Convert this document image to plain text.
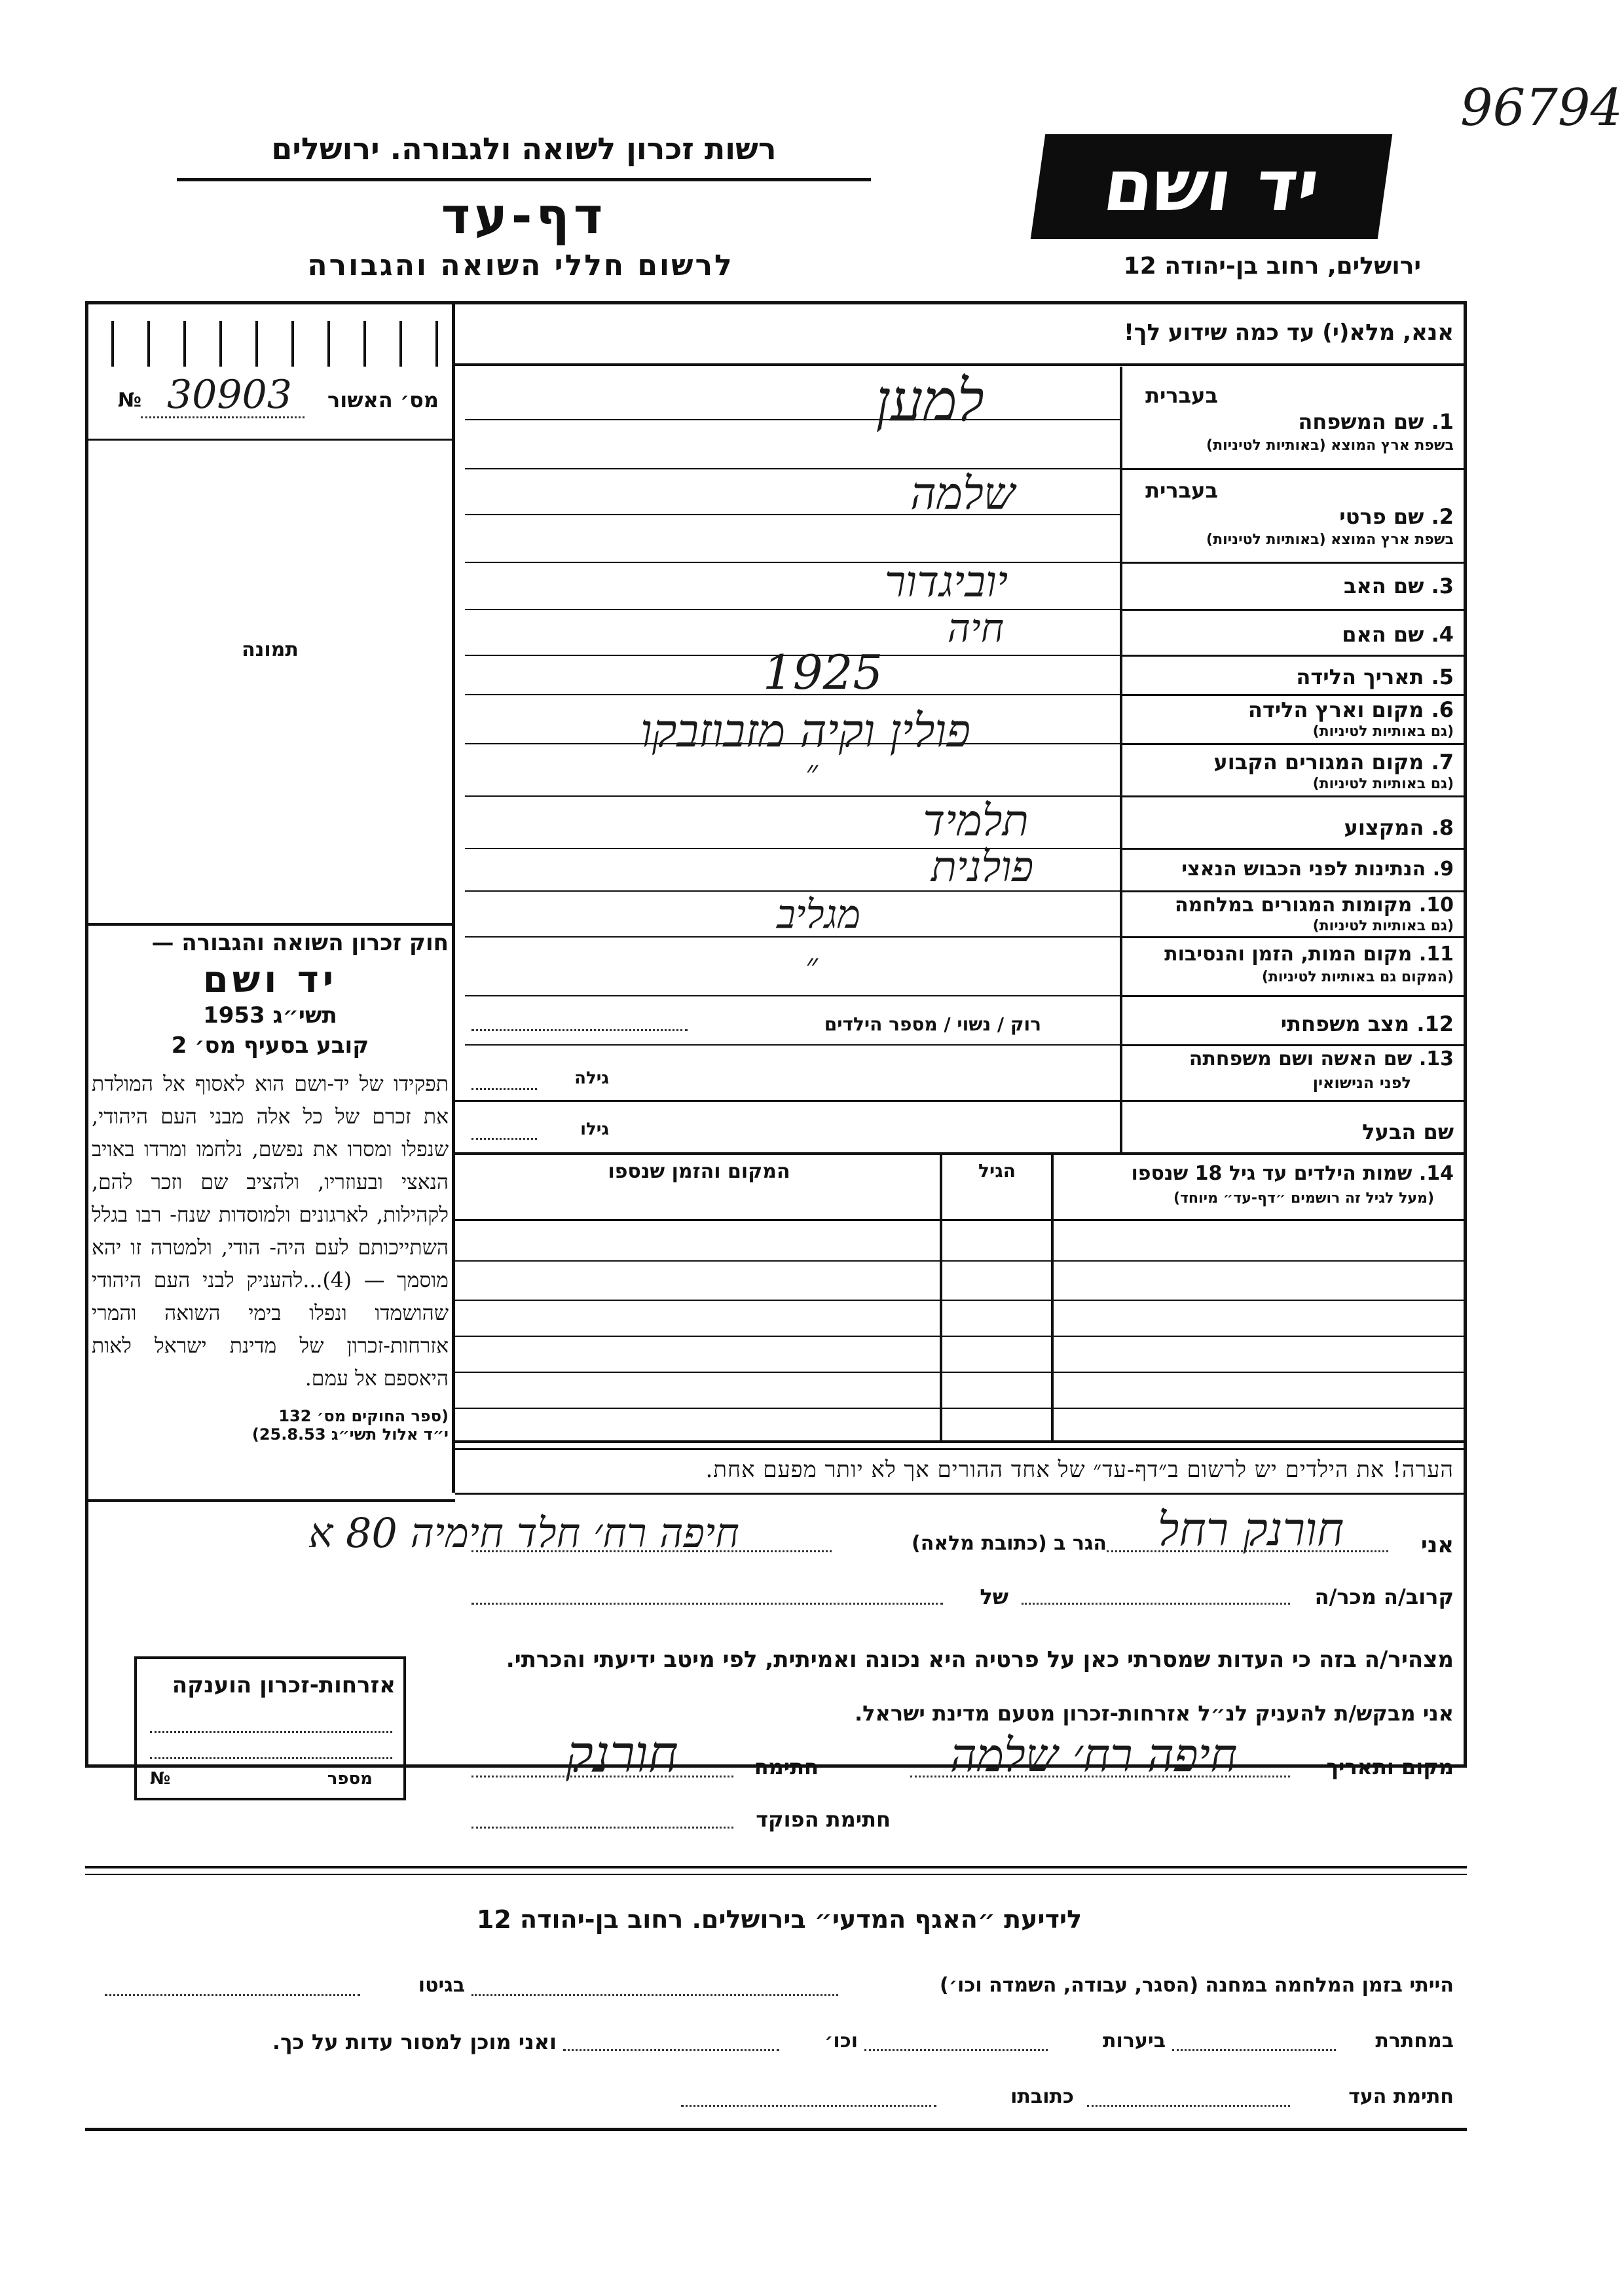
96794
רשות זכרון לשואה ולגבורה. ירושלים
דף-עד
לרשום חללי השואה והגבורה
יד ושם
ירושלים, רחוב בן-יהודה 12
מס׳ האשור
№ 30903
תמונה
חוק זכרון השואה והגבורה —
יד ושם
תשי״ג 1953
קובע בסעיף מס׳ 2
תפקידו של יד-ושם הוא לאסוף אל המולדת את זכרם של כל אלה מבני העם היהודי, שנפלו ומסרו את נפשם, נלחמו ומרדו באויב הנאצי ובעוזריו, ולהציב שם וזכר להם, לקהילות, לארגונים ולמוסדות שנח- רבו בגלל השתייכותם לעם היה- הודי, ולמטרה זו יהא מוסמך — (4)...להעניק לבני העם היהודי שהושמדו ונפלו בימי השואה והמרי אזרחות-זכרון של מדינת ישראל לאות היאספם אל עמם.
(ספר החוקים מס׳ 132
י״ד אלול תשי״ג 25.8.53)
אזרחות-זכרון הוענקה
№	מספר
אנא, מלא(י) עד כמה שידוע לך!
בעברית
1. שם המשפחה
בשפת ארץ המוצא (באותיות לטיניות)
למען
בעברית
2. שם פרטי
בשפת ארץ המוצא (באותיות לטיניות)
שלמה
3. שם האב
יוביגדור
4. שם האם
חיה
5. תאריך הלידה
1925
6. מקום וארץ הלידה
(גם באותיות לטיניות)
פולין וקיה מזבוזבקו
7. מקום המגורים הקבוע
(גם באותיות לטיניות)
״
8. המקצוע
תלמיד
9. הנתינות לפני הכבוש הנאצי
פולנית
10. מקומות המגורים במלחמה
(גם באותיות לטיניות)
מגליב
11. מקום המות, הזמן והנסיבות
(המקום גם באותיות לטיניות)
״
12. מצב משפחתי
רוק / נשוי / מספר הילדים
13. שם האשה ושם משפחתה
לפני הנישואין
גילה
שם הבעל
גילו
14. שמות הילדים עד גיל 18 שנספו
(מעל לגיל זה רושמים ״דף-עד״ מיוחד)
הגיל
המקום והזמן שנספו
הערה! את הילדים יש לרשום ב״דף-עד״ של אחד ההורים אך לא יותר מפעם אחת.
אני
חורנק רחל
הגר ב (כתובת מלאה)
חיפה רח׳ חלד חימיה 80 א
קרוב/ה מכר/ה
של
מצהיר/ה בזה כי העדות שמסרתי כאן על פרטיה היא נכונה ואמיתית, לפי מיטב ידיעתי והכרתי.
אני מבקש/ת להעניק לנ״ל אזרחות-זכרון מטעם מדינת ישראל.
מקום ותאריך
חיפה רח׳ שלמה
חתימה
חורנק
חתימת הפוקד
לידיעת ״האגף המדעי״ בירושלים. רחוב בן-יהודה 12
הייתי בזמן המלחמה במחנה (הסגר, עבודה, השמדה וכו׳)
בגיטו
במחתרת
ביערות
וכו׳
ואני מוכן למסור עדות על כך.
חתימת העד
כתובתו
